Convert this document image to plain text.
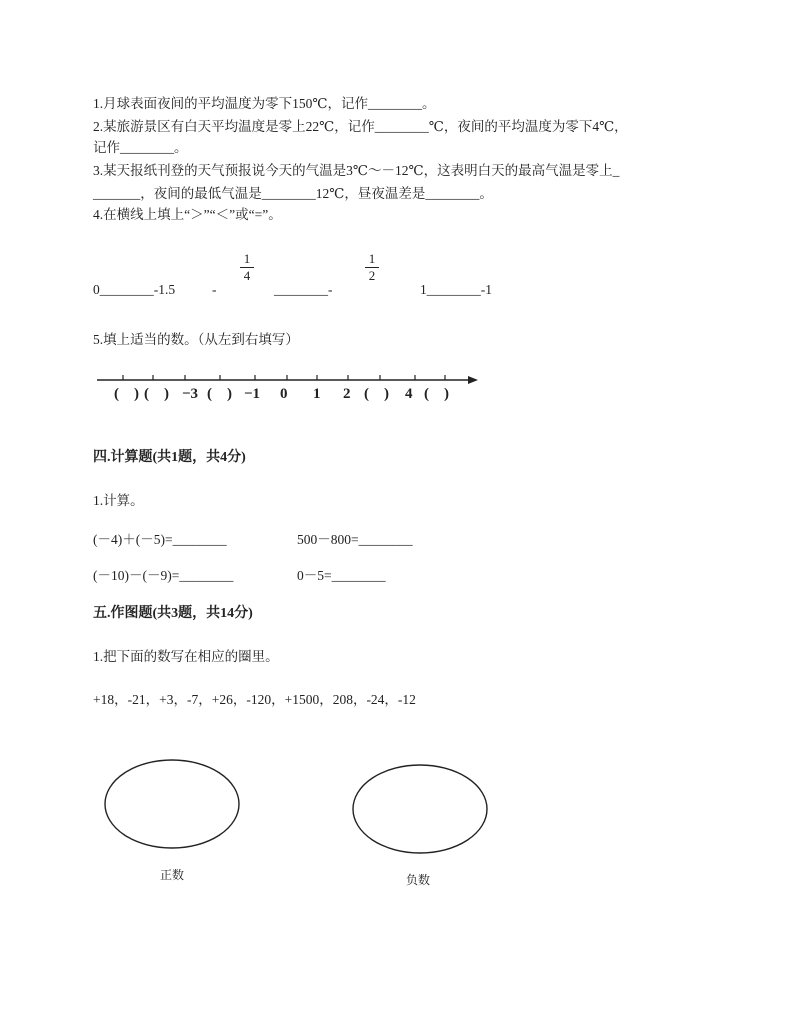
1.月球表面夜间的平均温度为零下150℃，记作________。
2.某旅游景区有白天平均温度是零上22℃，记作________℃，夜间的平均温度为零下4℃，
记作________。
3.某天报纸刊登的天气预报说今天的气温是3℃～－12℃，这表明白天的最高气温是零上_
_______，夜间的最低气温是________12℃，昼夜温差是________。
4.在横线上填上“＞”“＜”或“=”。
0________-1.5	-
1
4
________-
1
2
1________-1
5.填上适当的数。（从左到右填写）
(　) (　) −3 (　) −1 0 1 2 (　) 4 (　)
四.计算题(共1题，共4分)
1.计算。
(－4)＋(－5)=________	500－800=________
(－10)－(－9)=________	0－5=________
五.作图题(共3题，共14分)
1.把下面的数写在相应的圈里。
+18，-21，+3，-7，+26，-120，+1500，208，-24，-12
正数	负数
